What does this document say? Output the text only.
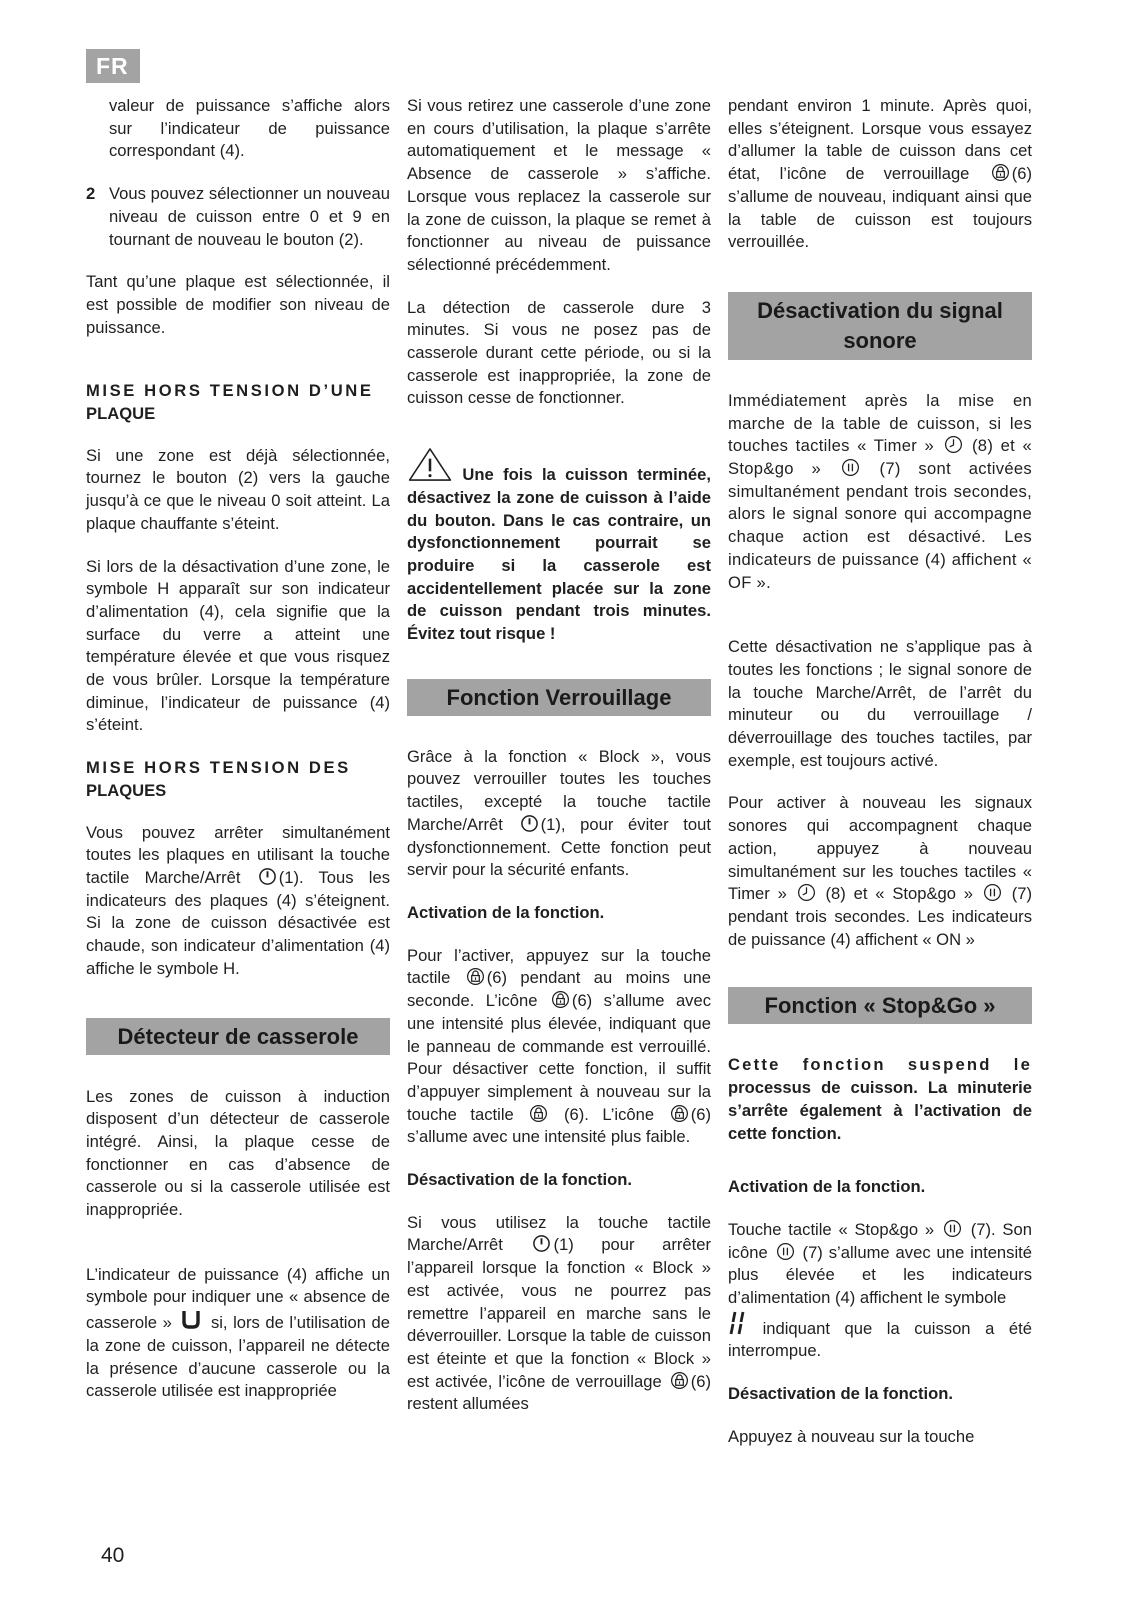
FR

valeur de puissance s’affiche alors sur l’indicateur de puissance correspondant (4).

2 Vous pouvez sélectionner un nouveau niveau de cuisson entre 0 et 9 en tournant de nouveau le bouton (2).

Tant qu’une plaque est sélectionnée, il est possible de modifier son niveau de puissance.

MISE HORS TENSION D’UNE
PLAQUE

Si une zone est déjà sélectionnée, tournez le bouton (2) vers la gauche jusqu’à ce que le niveau 0 soit atteint. La plaque chauffante s’éteint.

Si lors de la désactivation d’une zone, le symbole H apparaît sur son indicateur d’alimentation (4), cela signifie que la surface du verre a atteint une température élevée et que vous risquez de vous brûler. Lorsque la température diminue, l’indicateur de puissance (4) s’éteint.

MISE HORS TENSION DES
PLAQUES

Vous pouvez arrêter simultanément toutes les plaques en utilisant la touche tactile Marche/Arrêt (1). Tous les indicateurs des plaques (4) s’éteignent. Si la zone de cuisson désactivée est chaude, son indicateur d’alimentation (4) affiche le symbole H.

Détecteur de casserole

Les zones de cuisson à induction disposent d’un détecteur de casserole intégré. Ainsi, la plaque cesse de fonctionner en cas d’absence de casserole ou si la casserole utilisée est inappropriée.

L’indicateur de puissance (4) affiche un symbole pour indiquer une « absence de casserole » si, lors de l’utilisation de la zone de cuisson, l’appareil ne détecte la présence d’aucune casserole ou la casserole utilisée est inappropriée

Si vous retirez une casserole d’une zone en cours d’utilisation, la plaque s’arrête automatiquement et le message « Absence de casserole » s’affiche. Lorsque vous replacez la casserole sur la zone de cuisson, la plaque se remet à fonctionner au niveau de puissance sélectionné précédemment.

La détection de casserole dure 3 minutes. Si vous ne posez pas de casserole durant cette période, ou si la casserole est inappropriée, la zone de cuisson cesse de fonctionner.

Une fois la cuisson terminée, désactivez la zone de cuisson à l’aide du bouton. Dans le cas contraire, un dysfonctionnement pourrait se produire si la casserole est accidentellement placée sur la zone de cuisson pendant trois minutes. Évitez tout risque !

Fonction Verrouillage

Grâce à la fonction « Block », vous pouvez verrouiller toutes les touches tactiles, excepté la touche tactile Marche/Arrêt (1), pour éviter tout dysfonctionnement. Cette fonction peut servir pour la sécurité enfants.

Activation de la fonction.

Pour l’activer, appuyez sur la touche tactile (6) pendant au moins une seconde. L’icône (6) s’allume avec une intensité plus élevée, indiquant que le panneau de commande est verrouillé. Pour désactiver cette fonction, il suffit d’appuyer simplement à nouveau sur la touche tactile	(6). L’icône (6) s’allume avec une intensité plus faible.

Désactivation de la fonction.

Si vous utilisez la touche tactile Marche/Arrêt	(1) pour arrêter l’appareil lorsque la fonction « Block » est activée, vous ne pourrez pas remettre l’appareil en marche sans le déverrouiller. Lorsque la table de cuisson est éteinte et que la fonction « Block » est activée, l’icône de verrouillage (6) restent allumées

pendant environ 1 minute. Après quoi, elles s’éteignent. Lorsque vous essayez d’allumer la table de cuisson dans cet état, l’icône de verrouillage	(6) s’allume de nouveau, indiquant ainsi que la table de cuisson est toujours verrouillée.

Désactivation du signal
sonore

Immédiatement après la mise en marche de la table de cuisson, si les touches tactiles « Timer » (8) et « Stop&go »	(7) sont activées simultanément pendant trois secondes, alors le signal sonore qui accompagne chaque action est désactivé. Les indicateurs de puissance (4) affichent « OF ».

Cette désactivation ne s’applique pas à toutes les fonctions ; le signal sonore de la touche Marche/Arrêt, de l’arrêt du minuteur ou du verrouillage / déverrouillage des touches tactiles, par exemple, est toujours activé.

Pour activer à nouveau les signaux sonores qui accompagnent chaque action, appuyez à nouveau simultanément sur les touches tactiles « Timer » (8) et « Stop&go » (7) pendant trois secondes. Les indicateurs de puissance (4) affichent « ON »

Fonction « Stop&Go »

Cette fonction suspend le processus de cuisson. La minuterie s’arrête également à l’activation de cette fonction.

Activation de la fonction.

Touche tactile « Stop&go » (7). Son icône (7) s’allume avec une intensité plus élevée et les indicateurs d’alimentation (4) affichent le symbole
indiquant que la cuisson a été interrompue.

Désactivation de la fonction.

Appuyez à nouveau sur la touche

40
